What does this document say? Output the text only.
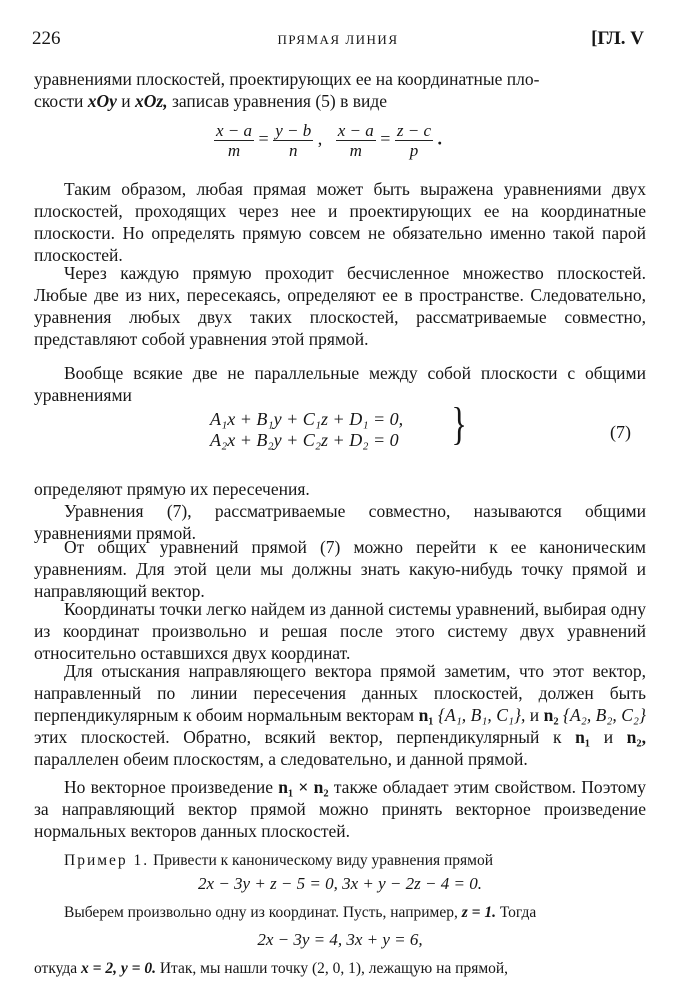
226	ПРЯМАЯ ЛИНИЯ	[ГЛ. V
уравнениями плоскостей, проектирующих ее на координатные пло-
скости xOy и xOz, записав уравнения (5) в виде
$\frac{x - a}{m} = \frac{y - b}{n}$ , $\frac{x - a}{m} = \frac{z - c}{p}$ .
Таким образом, любая прямая может быть выражена уравнениями двух плоскостей, проходящих через нее и проектирующих ее на координатные плоскости. Но определять прямую совсем не обязательно именно такой парой плоскостей.
Через каждую прямую проходит бесчисленное множество плоскостей. Любые две из них, пересекаясь, определяют ее в пространстве. Следовательно, уравнения любых двух таких плоскостей, рассматриваемые совместно, представляют собой уравнения этой прямой.
Вообще всякие две не параллельные между собой плоскости с общими уравнениями
A₁x + B₁y + C₁z + D₁ = 0,
A₂x + B₂y + C₂z + D₂ = 0 }	(7)
определяют прямую их пересечения.
Уравнения (7), рассматриваемые совместно, называются общими уравнениями прямой.
От общих уравнений прямой (7) можно перейти к ее каноническим уравнениям. Для этой цели мы должны знать какую-нибудь точку прямой и направляющий вектор.
Координаты точки легко найдем из данной системы уравнений, выбирая одну из координат произвольно и решая после этого систему двух уравнений относительно оставшихся двух координат.
Для отыскания направляющего вектора прямой заметим, что этот вектор, направленный по линии пересечения данных плоскостей, должен быть перпендикулярным к обоим нормальным векторам n₁ {A₁, B₁, C₁}, и n₂ {A₂, B₂, C₂} этих плоскостей. Обратно, всякий вектор, перпендикулярный к n₁ и n₂, параллелен обеим плоскостям, а следовательно, и данной прямой.
Но векторное произведение n₁ × n₂ также обладает этим свойством. Поэтому за направляющий вектор прямой можно принять векторное произведение нормальных векторов данных плоскостей.
Пример 1. Привести к каноническому виду уравнения прямой
2x − 3y + z − 5 = 0, 3x + y − 2z − 4 = 0.
Выберем произвольно одну из координат. Пусть, например, z = 1. Тогда
2x − 3y = 4, 3x + y = 6,
откуда x = 2, y = 0. Итак, мы нашли точку (2, 0, 1), лежащую на прямой,
